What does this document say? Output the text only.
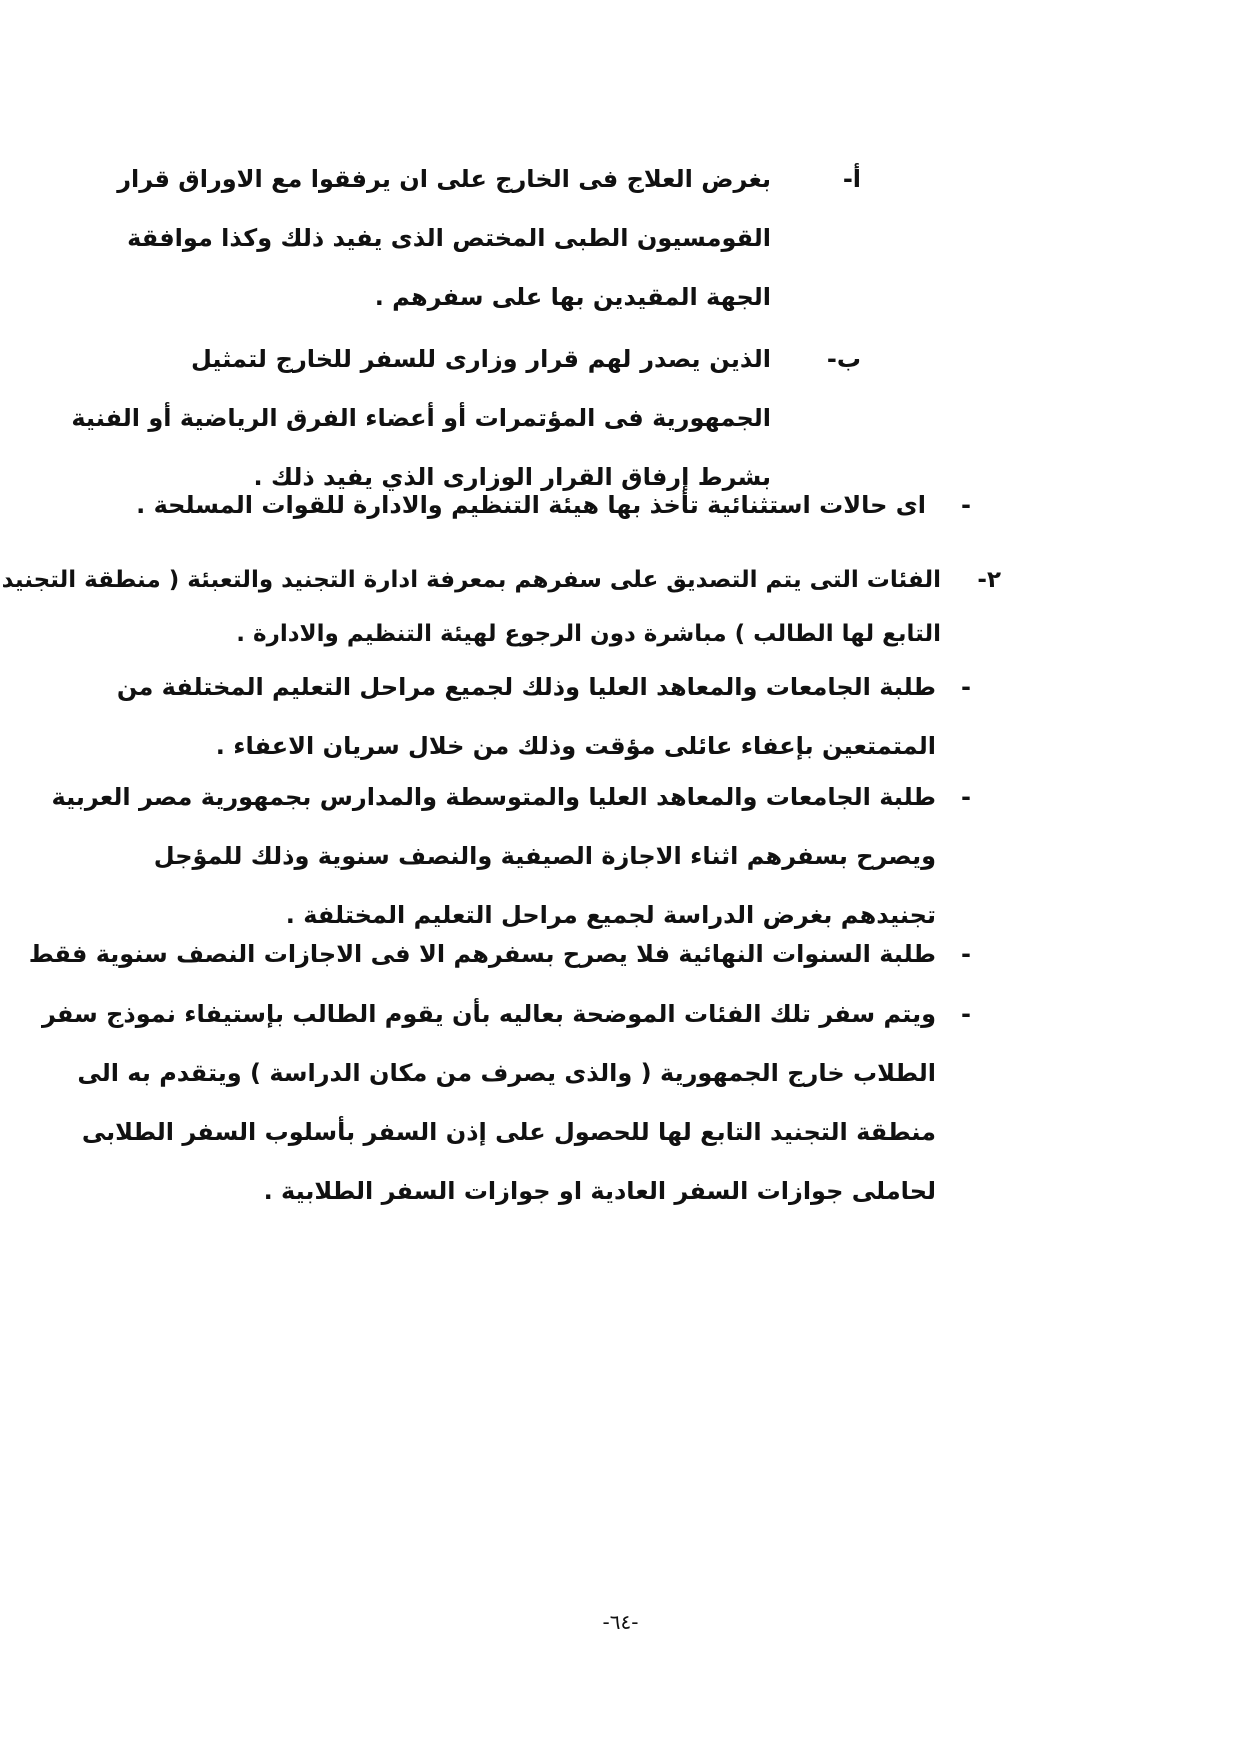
أ-
بغرض العلاج فى الخارج على ان يرفقوا مع الاوراق قرار
القومسيون الطبى المختص الذى يفيد ذلك وكذا موافقة
الجهة المقيدين بها على سفرهم .
ب-
الذين يصدر لهم قرار وزارى للسفر للخارج لتمثيل
الجمهورية فى المؤتمرات أو أعضاء الفرق الرياضية أو الفنية
بشرط إرفاق القرار الوزارى الذي يفيد ذلك .
-
اى حالات استثنائية تأخذ بها هيئة التنظيم والادارة للقوات المسلحة .
٢-
الفئات التى يتم التصديق على سفرهم بمعرفة ادارة التجنيد والتعبئة ( منطقة التجنيد
التابع لها الطالب ) مباشرة دون الرجوع لهيئة التنظيم والادارة .
-
طلبة الجامعات والمعاهد العليا وذلك لجميع مراحل التعليم المختلفة من
المتمتعين بإعفاء عائلى مؤقت وذلك من خلال سريان الاعفاء .
-
طلبة الجامعات والمعاهد العليا والمتوسطة والمدارس بجمهورية مصر العربية
ويصرح بسفرهم اثناء الاجازة الصيفية والنصف سنوية وذلك للمؤجل
تجنيدهم بغرض الدراسة لجميع مراحل التعليم المختلفة .
-
طلبة السنوات النهائية فلا يصرح بسفرهم الا فى الاجازات النصف سنوية فقط
-
ويتم سفر تلك الفئات الموضحة بعاليه بأن يقوم الطالب بإستيفاء نموذج سفر
الطلاب خارج الجمهورية ( والذى يصرف من مكان الدراسة ) ويتقدم به الى
منطقة التجنيد التابع لها للحصول على إذن السفر بأسلوب السفر الطلابى
لحاملى جوازات السفر العادية او جوازات السفر الطلابية .
-٦٤-
